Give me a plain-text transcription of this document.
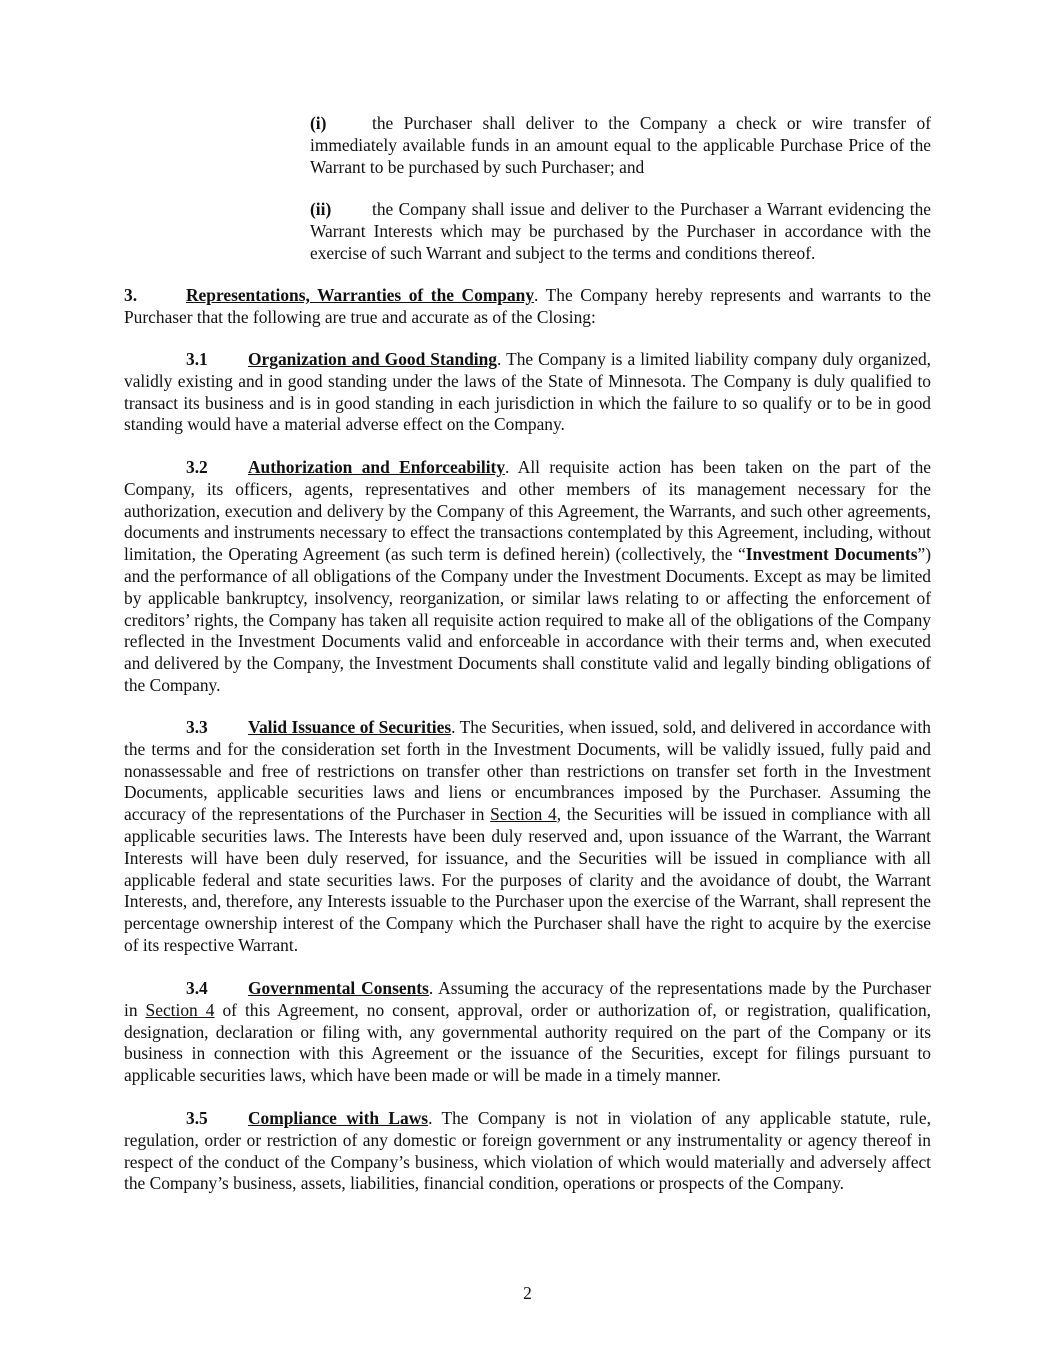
(i)	the Purchaser shall deliver to the Company a check or wire transfer of immediately available funds in an amount equal to the applicable Purchase Price of the Warrant to be purchased by such Purchaser; and

(ii) the Company shall issue and deliver to the Purchaser a Warrant evidencing the Warrant Interests which may be purchased by the Purchaser in accordance with the exercise of such Warrant and subject to the terms and conditions thereof.

3.	Representations, Warranties of the Company. The Company hereby represents and warrants to the Purchaser that the following are true and accurate as of the Closing:

3.1 Organization and Good Standing. The Company is a limited liability company duly organized, validly existing and in good standing under the laws of the State of Minnesota. The Company is duly qualified to transact its business and is in good standing in each jurisdiction in which the failure to so qualify or to be in good standing would have a material adverse effect on the Company.

3.2 Authorization and Enforceability. All requisite action has been taken on the part of the Company, its officers, agents, representatives and other members of its management necessary for the authorization, execution and delivery by the Company of this Agreement, the Warrants, and such other agreements, documents and instruments necessary to effect the transactions contemplated by this Agreement, including, without limitation, the Operating Agreement (as such term is defined herein) (collectively, the “Investment Documents”) and the performance of all obligations of the Company under the Investment Documents. Except as may be limited by applicable bankruptcy, insolvency, reorganization, or similar laws relating to or affecting the enforcement of creditors’ rights, the Company has taken all requisite action required to make all of the obligations of the Company reflected in the Investment Documents valid and enforceable in accordance with their terms and, when executed and delivered by the Company, the Investment Documents shall constitute valid and legally binding obligations of the Company.

3.3 Valid Issuance of Securities. The Securities, when issued, sold, and delivered in accordance with the terms and for the consideration set forth in the Investment Documents, will be validly issued, fully paid and nonassessable and free of restrictions on transfer other than restrictions on transfer set forth in the Investment Documents, applicable securities laws and liens or encumbrances imposed by the Purchaser. Assuming the accuracy of the representations of the Purchaser in Section 4, the Securities will be issued in compliance with all applicable securities laws. The Interests have been duly reserved and, upon issuance of the Warrant, the Warrant Interests will have been duly reserved, for issuance, and the Securities will be issued in compliance with all applicable federal and state securities laws. For the purposes of clarity and the avoidance of doubt, the Warrant Interests, and, therefore, any Interests issuable to the Purchaser upon the exercise of the Warrant, shall represent the percentage ownership interest of the Company which the Purchaser shall have the right to acquire by the exercise of its respective Warrant.

3.4 Governmental Consents. Assuming the accuracy of the representations made by the Purchaser in Section 4 of this Agreement, no consent, approval, order or authorization of, or registration, qualification, designation, declaration or filing with, any governmental authority required on the part of the Company or its business in connection with this Agreement or the issuance of the Securities, except for filings pursuant to applicable securities laws, which have been made or will be made in a timely manner.

3.5 Compliance with Laws. The Company is not in violation of any applicable statute, rule, regulation, order or restriction of any domestic or foreign government or any instrumentality or agency thereof in respect of the conduct of the Company’s business, which violation of which would materially and adversely affect the Company’s business, assets, liabilities, financial condition, operations or prospects of the Company.

2
